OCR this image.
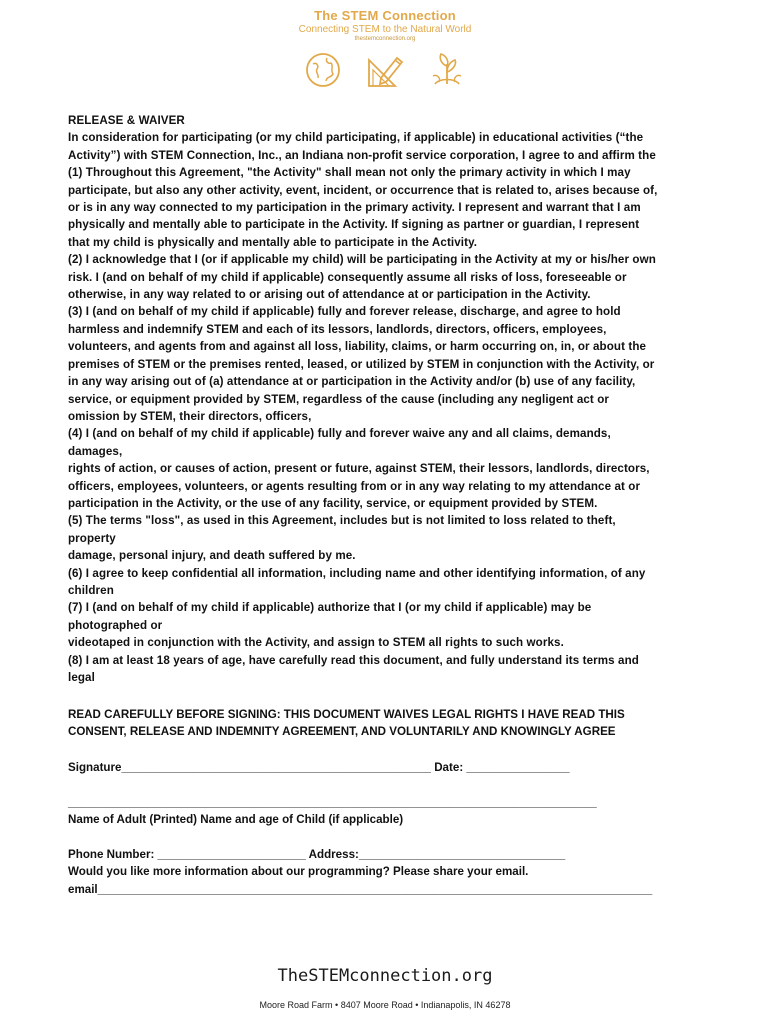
The STEM Connection
Connecting STEM to the Natural World
thestemconnection.org
RELEASE & WAIVER
In consideration for participating (or my child participating, if applicable) in educational activities (“the
Activity”) with STEM Connection, Inc., an Indiana non-profit service corporation, I agree to and affirm the
(1) Throughout this Agreement, "the Activity" shall mean not only the primary activity in which I may
participate, but also any other activity, event, incident, or occurrence that is related to, arises because of,
or is in any way connected to my participation in the primary activity. I represent and warrant that I am
physically and mentally able to participate in the Activity. If signing as partner or guardian, I represent
that my child is physically and mentally able to participate in the Activity.
(2) I acknowledge that I (or if applicable my child) will be participating in the Activity at my or his/her own
risk. I (and on behalf of my child if applicable) consequently assume all risks of loss, foreseeable or
otherwise, in any way related to or arising out of attendance at or participation in the Activity.
(3) I (and on behalf of my child if applicable) fully and forever release, discharge, and agree to hold
harmless and indemnify STEM and each of its lessors, landlords, directors, officers, employees,
volunteers, and agents from and against all loss, liability, claims, or harm occurring on, in, or about the
premises of STEM or the premises rented, leased, or utilized by STEM in conjunction with the Activity, or
in any way arising out of (a) attendance at or participation in the Activity and/or (b) use of any facility,
service, or equipment provided by STEM, regardless of the cause (including any negligent act or
omission by STEM, their directors, officers,
(4) I (and on behalf of my child if applicable) fully and forever waive any and all claims, demands,
damages,
rights of action, or causes of action, present or future, against STEM, their lessors, landlords, directors,
officers, employees, volunteers, or agents resulting from or in any way relating to my attendance at or
participation in the Activity, or the use of any facility, service, or equipment provided by STEM.
(5) The terms "loss", as used in this Agreement, includes but is not limited to loss related to theft,
property
damage, personal injury, and death suffered by me.
(6) I agree to keep confidential all information, including name and other identifying information, of any
children
(7) I (and on behalf of my child if applicable) authorize that I (or my child if applicable) may be
photographed or
videotaped in conjunction with the Activity, and assign to STEM all rights to such works.
(8) I am at least 18 years of age, have carefully read this document, and fully understand its terms and
legal
READ CAREFULLY BEFORE SIGNING: THIS DOCUMENT WAIVES LEGAL RIGHTS I HAVE READ THIS
CONSENT, RELEASE AND INDEMNITY AGREEMENT, AND VOLUNTARILY AND KNOWINGLY AGREE
Signature________________________________________________ Date: ________________
__________________________________________________________________________________
Name of Adult (Printed) Name and age of Child (if applicable)
Phone Number: _______________________ Address:________________________________
Would you like more information about our programming? Please share your email.
email______________________________________________________________________________________
TheSTEMconnection.org
Moore Road Farm • 8407 Moore Road • Indianapolis, IN 46278
